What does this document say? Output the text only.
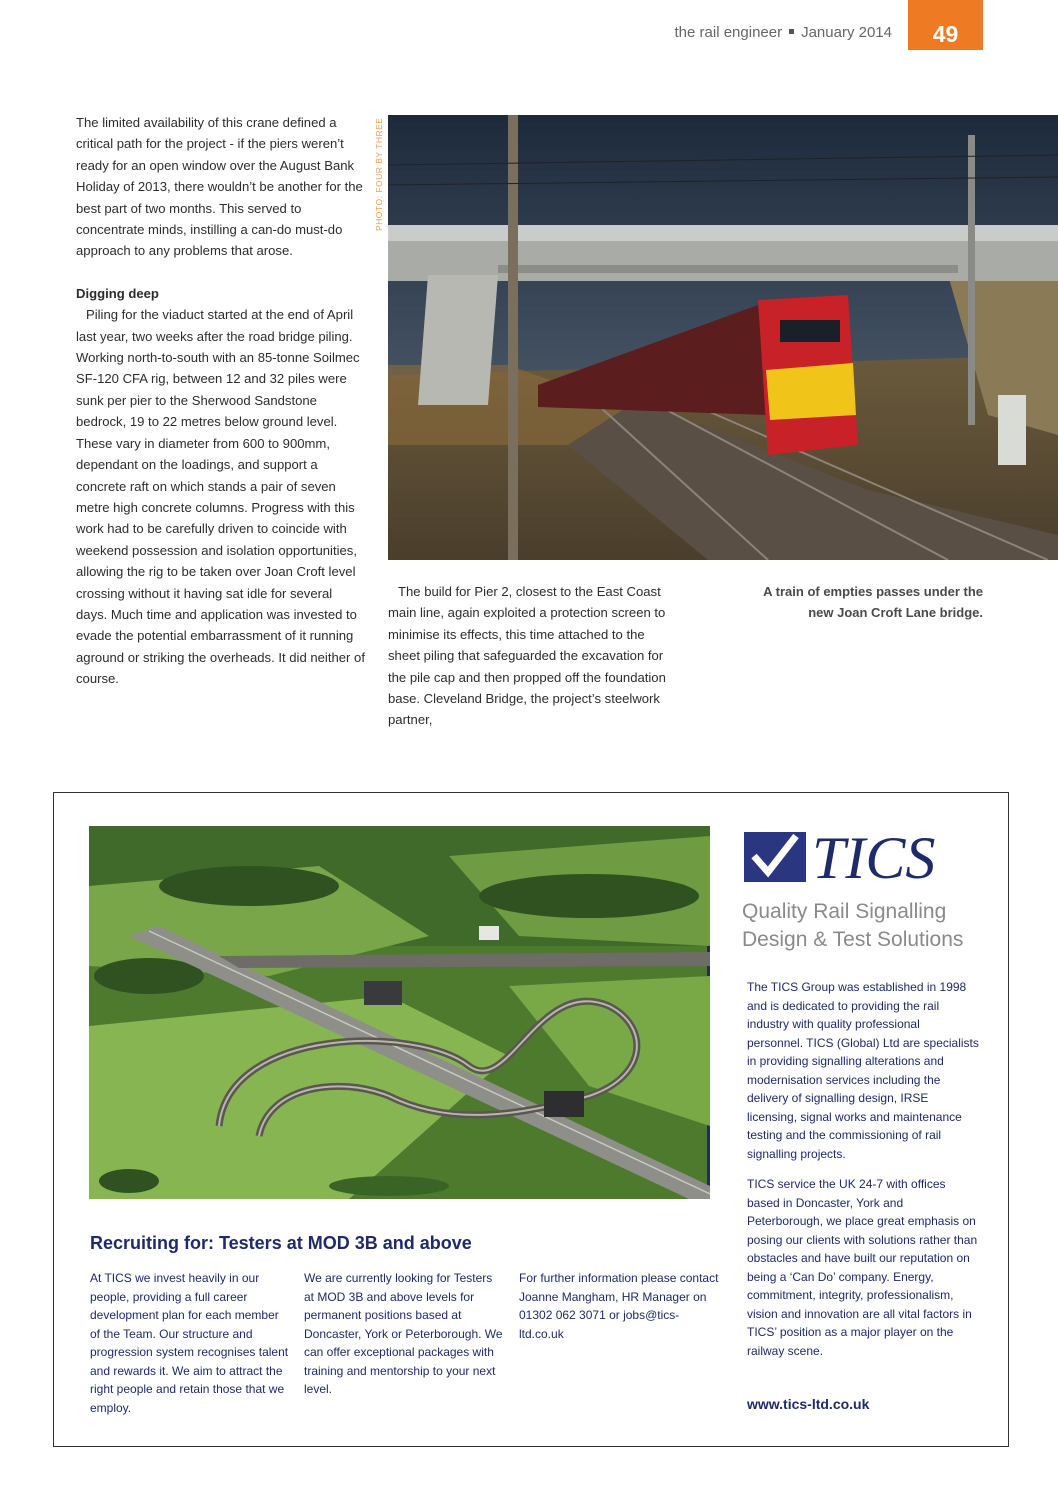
the rail engineer January 2014	49

The limited availability of this crane defined a critical path for the project - if the piers weren’t ready for an open window over the August Bank Holiday of 2013, there wouldn’t be another for the best part of two months. This served to concentrate minds, instilling a can-do must-do approach to any problems that arose.

Digging deep

Piling for the viaduct started at the end of April last year, two weeks after the road bridge piling. Working north-to-south with an 85-tonne Soilmec SF-120 CFA rig, between 12 and 32 piles were sunk per pier to the Sherwood Sandstone bedrock, 19 to 22 metres below ground level. These vary in diameter from 600 to 900mm, dependant on the loadings, and support a concrete raft on which stands a pair of seven metre high concrete columns. Progress with this work had to be carefully driven to coincide with weekend possession and isolation opportunities, allowing the rig to be taken over Joan Croft level crossing without it having sat idle for several days. Much time and application was invested to evade the potential embarrassment of it running aground or striking the overheads. It did neither of course.

PHOTO: FOUR BY THREE
The build for Pier 2, closest to the East Coast main line, again exploited a protection screen to minimise its effects, this time attached to the sheet piling that safeguarded the excavation for the pile cap and then propped off the foundation base. Cleveland Bridge, the project’s steelwork partner,
A train of empties passes under the new Joan Croft Lane bridge.
TICS
Quality Rail Signalling
Design & Test Solutions
Recruiting for: Testers at MOD 3B and above
At TICS we invest heavily in our people, providing a full career development plan for each member of the Team. Our structure and progression system recognises talent and rewards it. We aim to attract the right people and retain those that we employ.
We are currently looking for Testers at MOD 3B and above levels for permanent positions based at Doncaster, York or Peterborough. We can offer exceptional packages with training and mentorship to your next level.
For further information please contact Joanne Mangham, HR Manager on 01302 062 3071 or jobs@tics-ltd.co.uk

The TICS Group was established in 1998 and is dedicated to providing the rail industry with quality professional personnel. TICS (Global) Ltd are specialists in providing signalling alterations and modernisation services including the delivery of signalling design, IRSE licensing, signal works and maintenance testing and the commissioning of rail signalling projects.

TICS service the UK 24-7 with offices based in Doncaster, York and Peterborough, we place great emphasis on posing our clients with solutions rather than obstacles and have built our reputation on being a ‘Can Do’ company. Energy, commitment, integrity, professionalism, vision and innovation are all vital factors in TICS’ position as a major player on the railway scene.

www.tics-ltd.co.uk
